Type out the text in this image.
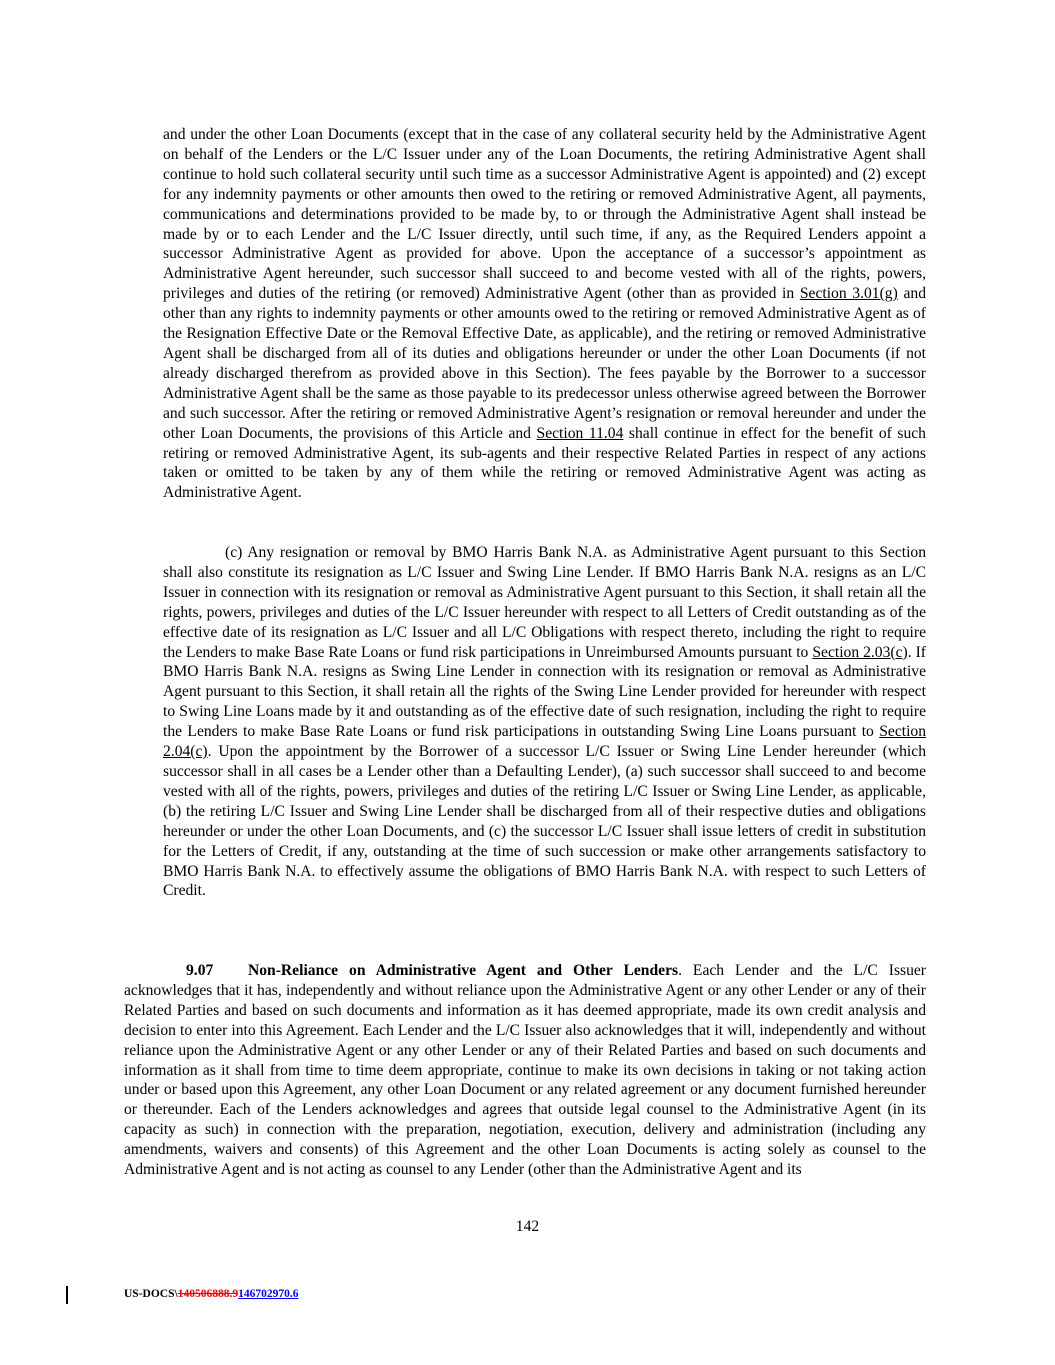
and under the other Loan Documents (except that in the case of any collateral security held by the Administrative Agent on behalf of the Lenders or the L/C Issuer under any of the Loan Documents, the retiring Administrative Agent shall continue to hold such collateral security until such time as a successor Administrative Agent is appointed) and (2) except for any indemnity payments or other amounts then owed to the retiring or removed Administrative Agent, all payments, communications and determinations provided to be made by, to or through the Administrative Agent shall instead be made by or to each Lender and the L/C Issuer directly, until such time, if any, as the Required Lenders appoint a successor Administrative Agent as provided for above. Upon the acceptance of a successor’s appointment as Administrative Agent hereunder, such successor shall succeed to and become vested with all of the rights, powers, privileges and duties of the retiring (or removed) Administrative Agent (other than as provided in Section 3.01(g) and other than any rights to indemnity payments or other amounts owed to the retiring or removed Administrative Agent as of the Resignation Effective Date or the Removal Effective Date, as applicable), and the retiring or removed Administrative Agent shall be discharged from all of its duties and obligations hereunder or under the other Loan Documents (if not already discharged therefrom as provided above in this Section). The fees payable by the Borrower to a successor Administrative Agent shall be the same as those payable to its predecessor unless otherwise agreed between the Borrower and such successor. After the retiring or removed Administrative Agent’s resignation or removal hereunder and under the other Loan Documents, the provisions of this Article and Section 11.04 shall continue in effect for the benefit of such retiring or removed Administrative Agent, its sub-agents and their respective Related Parties in respect of any actions taken or omitted to be taken by any of them while the retiring or removed Administrative Agent was acting as Administrative Agent.

(c) Any resignation or removal by BMO Harris Bank N.A. as Administrative Agent pursuant to this Section shall also constitute its resignation as L/C Issuer and Swing Line Lender. If BMO Harris Bank N.A. resigns as an L/C Issuer in connection with its resignation or removal as Administrative Agent pursuant to this Section, it shall retain all the rights, powers, privileges and duties of the L/C Issuer hereunder with respect to all Letters of Credit outstanding as of the effective date of its resignation as L/C Issuer and all L/C Obligations with respect thereto, including the right to require the Lenders to make Base Rate Loans or fund risk participations in Unreimbursed Amounts pursuant to Section 2.03(c). If BMO Harris Bank N.A. resigns as Swing Line Lender in connection with its resignation or removal as Administrative Agent pursuant to this Section, it shall retain all the rights of the Swing Line Lender provided for hereunder with respect to Swing Line Loans made by it and outstanding as of the effective date of such resignation, including the right to require the Lenders to make Base Rate Loans or fund risk participations in outstanding Swing Line Loans pursuant to Section 2.04(c). Upon the appointment by the Borrower of a successor L/C Issuer or Swing Line Lender hereunder (which successor shall in all cases be a Lender other than a Defaulting Lender), (a) such successor shall succeed to and become vested with all of the rights, powers, privileges and duties of the retiring L/C Issuer or Swing Line Lender, as applicable, (b) the retiring L/C Issuer and Swing Line Lender shall be discharged from all of their respective duties and obligations hereunder or under the other Loan Documents, and (c) the successor L/C Issuer shall issue letters of credit in substitution for the Letters of Credit, if any, outstanding at the time of such succession or make other arrangements satisfactory to BMO Harris Bank N.A. to effectively assume the obligations of BMO Harris Bank N.A. with respect to such Letters of Credit.

9.07 Non-Reliance on Administrative Agent and Other Lenders. Each Lender and the L/C Issuer acknowledges that it has, independently and without reliance upon the Administrative Agent or any other Lender or any of their Related Parties and based on such documents and information as it has deemed appropriate, made its own credit analysis and decision to enter into this Agreement. Each Lender and the L/C Issuer also acknowledges that it will, independently and without reliance upon the Administrative Agent or any other Lender or any of their Related Parties and based on such documents and information as it shall from time to time deem appropriate, continue to make its own decisions in taking or not taking action under or based upon this Agreement, any other Loan Document or any related agreement or any document furnished hereunder or thereunder. Each of the Lenders acknowledges and agrees that outside legal counsel to the Administrative Agent (in its capacity as such) in connection with the preparation, negotiation, execution, delivery and administration (including any amendments, waivers and consents) of this Agreement and the other Loan Documents is acting solely as counsel to the Administrative Agent and is not acting as counsel to any Lender (other than the Administrative Agent and its

142
US-DOCS\140506888.9146702970.6
